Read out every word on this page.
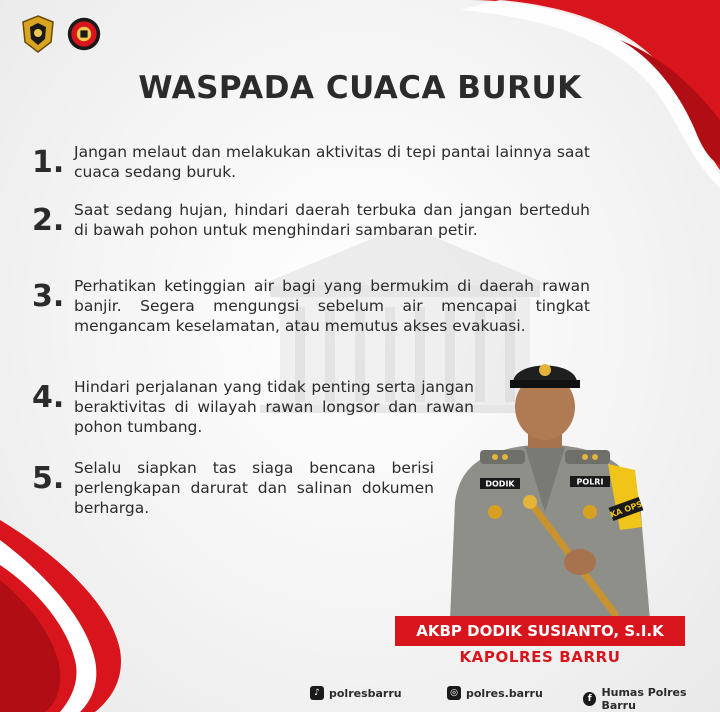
WASPADA CUACA BURUK
1. Jangan melaut dan melakukan aktivitas di tepi pantai lainnya saat cuaca sedang buruk.
2. Saat sedang hujan, hindari daerah terbuka dan jangan berteduh di bawah pohon untuk menghindari sambaran petir.
3. Perhatikan ketinggian air bagi yang bermukim di daerah rawan banjir. Segera mengungsi sebelum air mencapai tingkat mengancam keselamatan, atau memutus akses evakuasi.
4. Hindari perjalanan yang tidak penting serta jangan beraktivitas di wilayah rawan longsor dan rawan pohon tumbang.
5. Selalu siapkan tas siaga bencana berisi perlengkapan darurat dan salinan dokumen berharga.
DODIK	POLRI
KA OPS
AKBP DODIK SUSIANTO, S.I.K
KAPOLRES BARRU
♪ polresbarru	◎ polres.barru	f Humas Polres Barru
